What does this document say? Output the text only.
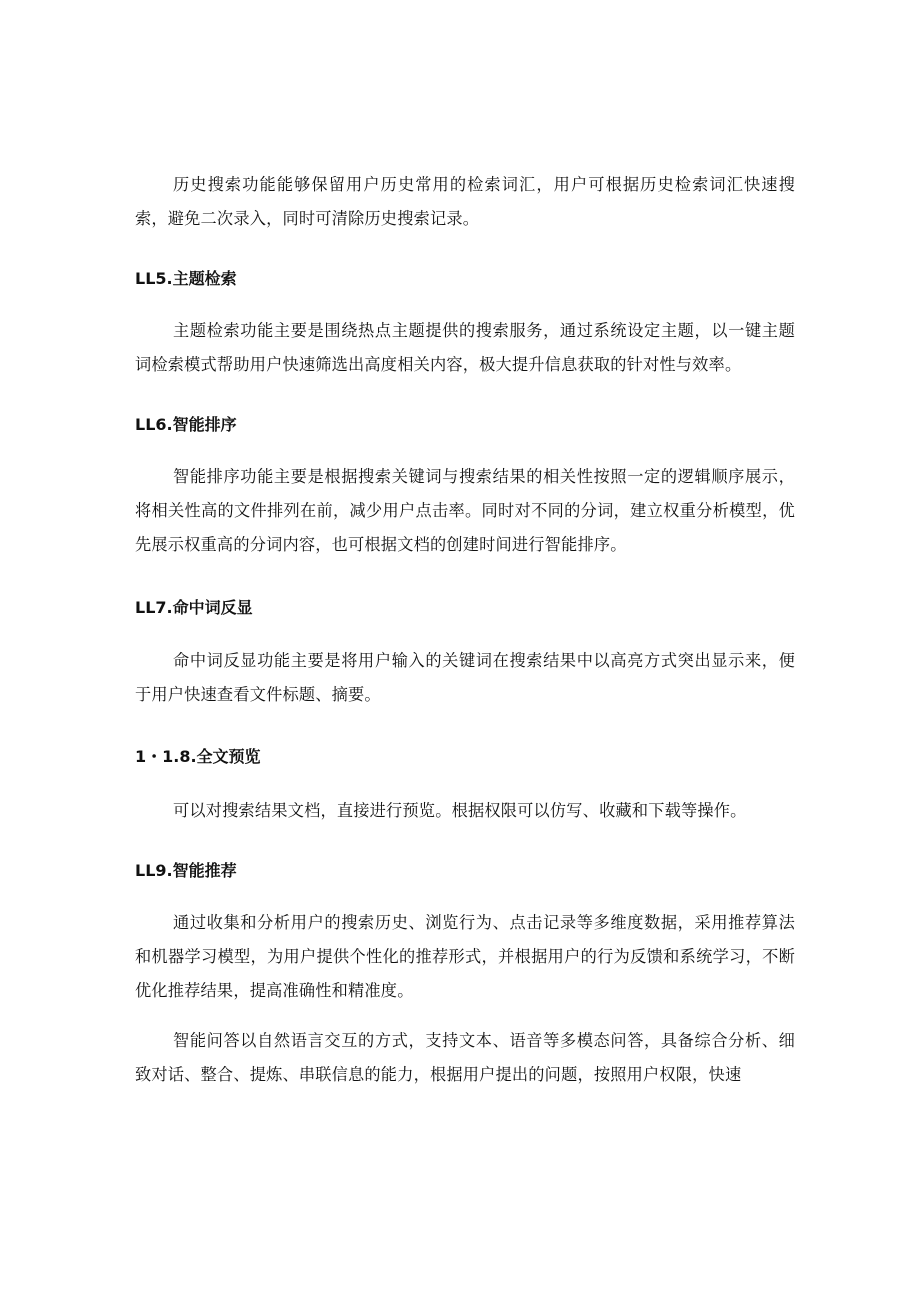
历史搜索功能能够保留用户历史常用的检索词汇，用户可根据历史检索词汇快速搜索，避免二次录入，同时可清除历史搜索记录。

LL5.主题检索

主题检索功能主要是围绕热点主题提供的搜索服务，通过系统设定主题，以一键主题词检索模式帮助用户快速筛选出高度相关内容，极大提升信息获取的针对性与效率。

LL6.智能排序

智能排序功能主要是根据搜索关键词与搜索结果的相关性按照一定的逻辑顺序展示，将相关性高的文件排列在前，减少用户点击率。同时对不同的分词，建立权重分析模型，优先展示权重高的分词内容，也可根据文档的创建时间进行智能排序。

LL7.命中词反显

命中词反显功能主要是将用户输入的关键词在搜索结果中以高亮方式突出显示来，便于用户快速查看文件标题、摘要。

1・1.8.全文预览

可以对搜索结果文档，直接进行预览。根据权限可以仿写、收藏和下载等操作。

LL9.智能推荐

通过收集和分析用户的搜索历史、浏览行为、点击记录等多维度数据，采用推荐算法和机器学习模型，为用户提供个性化的推荐形式，并根据用户的行为反馈和系统学习，不断优化推荐结果，提高准确性和精准度。

智能问答以自然语言交互的方式，支持文本、语音等多模态问答，具备综合分析、细致对话、整合、提炼、串联信息的能力，根据用户提出的问题，按照用户权限，快速
